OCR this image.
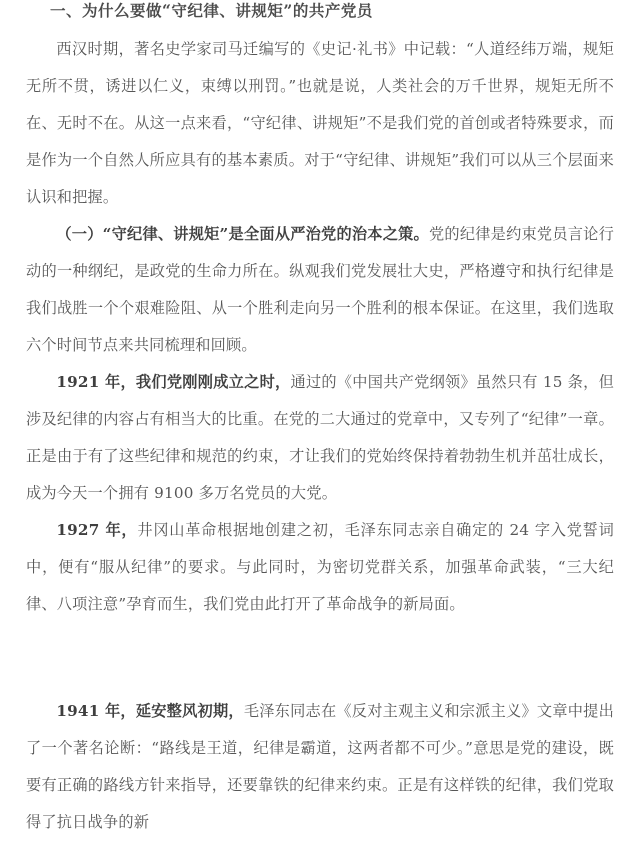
一、为什么要做“守纪律、讲规矩”的共产党员

西汉时期，著名史学家司马迁编写的《史记·礼书》中记载：“人道经纬万端，规矩无所不贯，诱进以仁义，束缚以刑罚。”也就是说，人类社会的万千世界，规矩无所不在、无时不在。从这一点来看，“守纪律、讲规矩”不是我们党的首创或者特殊要求，而是作为一个自然人所应具有的基本素质。对于“守纪律、讲规矩”我们可以从三个层面来认识和把握。

（一）“守纪律、讲规矩”是全面从严治党的治本之策。党的纪律是约束党员言论行动的一种纲纪，是政党的生命力所在。纵观我们党发展壮大史，严格遵守和执行纪律是我们战胜一个个艰难险阻、从一个胜利走向另一个胜利的根本保证。在这里，我们选取六个时间节点来共同梳理和回顾。

1921 年，我们党刚刚成立之时，通过的《中国共产党纲领》虽然只有 15 条，但涉及纪律的内容占有相当大的比重。在党的二大通过的党章中，又专列了“纪律”一章。正是由于有了这些纪律和规范的约束，才让我们的党始终保持着勃勃生机并茁壮成长，成为今天一个拥有 9100 多万名党员的大党。

1927 年，井冈山革命根据地创建之初，毛泽东同志亲自确定的 24 字入党誓词中，便有“服从纪律”的要求。与此同时，为密切党群关系，加强革命武装，“三大纪律、八项注意”孕育而生，我们党由此打开了革命战争的新局面。

1941 年，延安整风初期，毛泽东同志在《反对主观主义和宗派主义》文章中提出了一个著名论断：“路线是王道，纪律是霸道，这两者都不可少。”意思是党的建设，既要有正确的路线方针来指导，还要靠铁的纪律来约束。正是有这样铁的纪律，我们党取得了抗日战争的新
